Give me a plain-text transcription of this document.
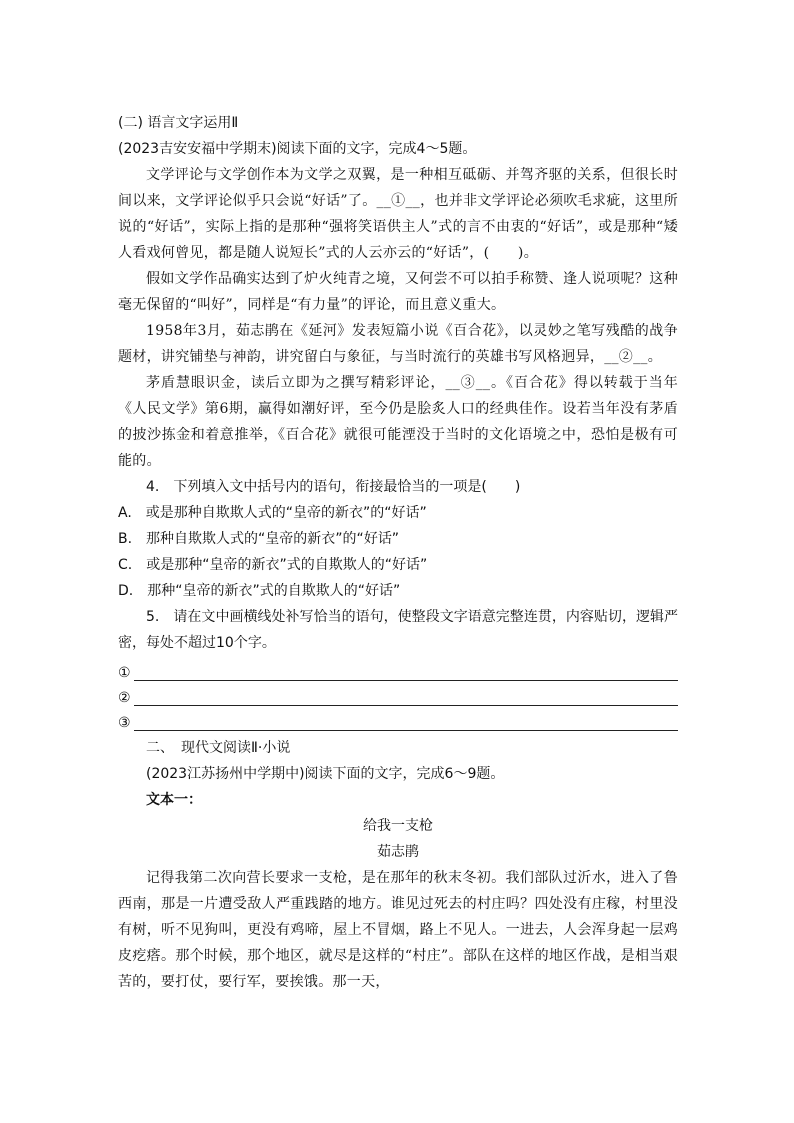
(二) 语言文字运用Ⅱ
(2023吉安安福中学期末)阅读下面的文字，完成4～5题。
文学评论与文学创作本为文学之双翼，是一种相互砥砺、并驾齐驱的关系，但很长时间以来，文学评论似乎只会说“好话”了。__①__，也并非文学评论必须吹毛求疵，这里所说的“好话”，实际上指的是那种“强将笑语供主人”式的言不由衷的“好话”，或是那种“矮人看戏何曾见，都是随人说短长”式的人云亦云的“好话”，(　　)。
假如文学作品确实达到了炉火纯青之境，又何尝不可以拍手称赞、逢人说项呢？这种毫无保留的“叫好”，同样是“有力量”的评论，而且意义重大。
1958年3月，茹志鹃在《延河》发表短篇小说《百合花》，以灵妙之笔写残酷的战争题材，讲究铺垫与神韵，讲究留白与象征，与当时流行的英雄书写风格迥异，__②__。
茅盾慧眼识金，读后立即为之撰写精彩评论，__③__。《百合花》得以转载于当年《人民文学》第6期，赢得如潮好评，至今仍是脍炙人口的经典佳作。设若当年没有茅盾的披沙拣金和着意推举，《百合花》就很可能湮没于当时的文化语境之中，恐怕是极有可能的。
4.　下列填入文中括号内的语句，衔接最恰当的一项是(　　)
A.　或是那种自欺欺人式的“皇帝的新衣”的“好话”
B.　那种自欺欺人式的“皇帝的新衣”的“好话”
C.　或是那种“皇帝的新衣”式的自欺欺人的“好话”
D.　那种“皇帝的新衣”式的自欺欺人的“好话”
5.　请在文中画横线处补写恰当的语句，使整段文字语意完整连贯，内容贴切，逻辑严密，每处不超过10个字。
①
②
③
二、　现代文阅读Ⅱ·小说
(2023江苏扬州中学期中)阅读下面的文字，完成6～9题。
文本一：
给我一支枪
茹志鹃
记得我第二次向营长要求一支枪，是在那年的秋末冬初。我们部队过沂水，进入了鲁西南，那是一片遭受敌人严重践踏的地方。谁见过死去的村庄吗？四处没有庄稼，村里没有树，听不见狗叫，更没有鸡啼，屋上不冒烟，路上不见人。一进去，人会浑身起一层鸡皮疙瘩。那个时候，那个地区，就尽是这样的“村庄”。部队在这样的地区作战，是相当艰苦的，要打仗，要行军，要挨饿。那一天，
